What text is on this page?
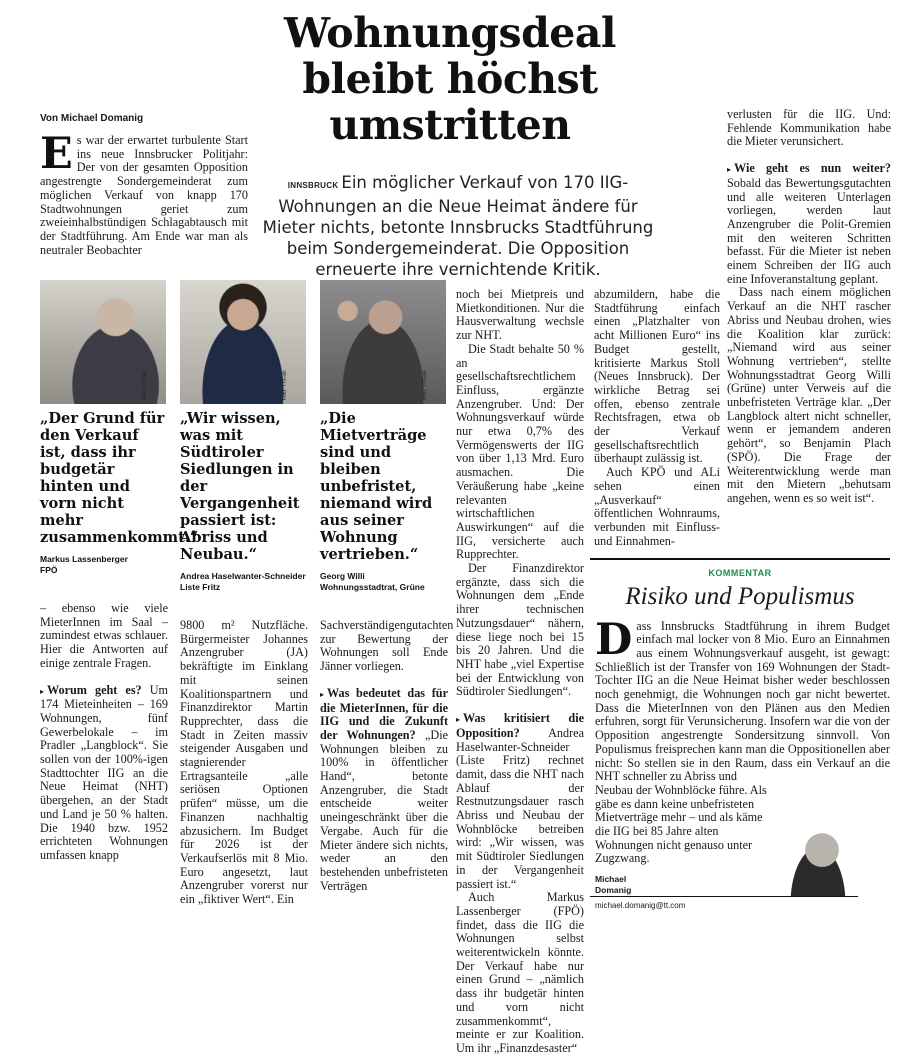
Wohnungsdeal
bleibt höchst
umstritten
Von Michael Domanig

Es war der erwartet turbulente Start ins neue Innsbrucker Politjahr: Der von der gesamten Opposition angestrengte Sondergemeinderat zum möglichen Verkauf von knapp 170 Stadtwohnungen geriet zum zweieinhalbstündigen Schlagabtausch mit der Stadtführung. Am Ende war man als neutraler Beobachter

INNSBRUCK Ein möglicher Verkauf von 170 IIG-Wohnungen an die Neue Heimat ändere für Mieter nichts, betonte Innsbrucks Stadtführung beim Sondergemeinderat. Die Opposition erneuerte ihre vernichtende Kritik.
Foto: TT/Falk
„Der Grund für den Verkauf ist, dass ihr budgetär hinten und vorn nicht mehr zusammenkommt.“
Markus Lassenberger
FPÖ

– ebenso wie viele MieterInnen im Saal – zumindest etwas schlauer. Hier die Antworten auf einige zentrale Fragen.

▸ Worum geht es? Um 174 Mieteinheiten – 169 Wohnungen, fünf Gewerbelokale – im Pradler „Langblock“. Sie sollen von der 100%-igen Stadttochter IIG an die Neue Heimat (NHT) übergehen, an der Stadt und Land je 50 % halten. Die 1940 bzw. 1952 errichteten Wohnungen umfassen knapp

Foto: TT/Falk
„Wir wissen, was mit Südtiroler Siedlungen in der Vergangenheit passiert ist: Abriss und Neubau.“
Andrea Haselwanter-Schneider
Liste Fritz

9800 m² Nutzfläche. Bürgermeister Johannes Anzengruber (JA) bekräftigte im Einklang mit seinen Koalitionspartnern und Finanzdirektor Martin Rupprechter, dass die Stadt in Zeiten massiv steigender Ausgaben und stagnierender Ertragsanteile „alle seriösen Optionen prüfen“ müsse, um die Finanzen nachhaltig abzusichern. Im Budget für 2026 ist der Verkaufserlös mit 8 Mio. Euro angesetzt, laut Anzengruber vorerst nur ein „fiktiver Wert“. Ein

Foto: TT/Falk
„Die Mietverträge sind und bleiben unbefristet, niemand wird aus seiner Wohnung vertrieben.“
Georg Willi
Wohnungsstadtrat, Grüne

Sachverständigengutachten zur Bewertung der Wohnungen soll Ende Jänner vorliegen.

▸ Was bedeutet das für die MieterInnen, für die IIG und die Zukunft der Wohnungen? „Die Wohnungen bleiben zu 100% in öffentlicher Hand“, betonte Anzengruber, die Stadt entscheide weiter uneingeschränkt über die Vergabe. Auch für die Mieter ändere sich nichts, weder an den bestehenden unbefristeten Verträgen

noch bei Mietpreis und Mietkonditionen. Nur die Hausverwaltung wechsle zur NHT.

Die Stadt behalte 50 % an gesellschaftsrechtlichem Einfluss, ergänzte Anzengruber. Und: Der Wohnungsverkauf würde nur etwa 0,7% des Vermögenswerts der IIG von über 1,13 Mrd. Euro ausmachen. Die Veräußerung habe „keine relevanten wirtschaftlichen Auswirkungen“ auf die IIG, versicherte auch Rupprechter.

Der Finanzdirektor ergänzte, dass sich die Wohnungen dem „Ende ihrer technischen Nutzungsdauer“ nähern, diese liege noch bei 15 bis 20 Jahren. Und die NHT habe „viel Expertise bei der Entwicklung von Südtiroler Siedlungen“.

▸ Was kritisiert die Opposition? Andrea Haselwanter-Schneider (Liste Fritz) rechnet damit, dass die NHT nach Ablauf der Restnutzungsdauer rasch Abriss und Neubau der Wohnblöcke betreiben wird: „Wir wissen, was mit Südtiroler Siedlungen in der Vergangenheit passiert ist.“

Auch Markus Lassenberger (FPÖ) findet, dass die IIG die Wohnungen selbst weiterentwickeln könnte. Der Verkauf habe nur einen Grund – „nämlich dass ihr budgetär hinten und vorn nicht zusammenkommt“, meinte er zur Koalition. Um ihr „Finanzdesaster“

abzumildern, habe die Stadtführung einfach einen „Platzhalter von acht Millionen Euro“ ins Budget gestellt, kritisierte Markus Stoll (Neues Innsbruck). Der wirkliche Betrag sei offen, ebenso zentrale Rechtsfragen, etwa ob der Verkauf gesellschaftsrechtlich überhaupt zulässig ist.

Auch KPÖ und ALi sehen einen „Ausverkauf“ öffentlichen Wohnraums, verbunden mit Einfluss- und Einnahmen-

verlusten für die IIG. Und: Fehlende Kommunikation habe die Mieter verunsichert.

▸ Wie geht es nun weiter? Sobald das Bewertungsgutachten und alle weiteren Unterlagen vorliegen, werden laut Anzengruber die Polit-Gremien mit den weiteren Schritten befasst. Für die Mieter ist neben einem Schreiben der IIG auch eine Infoveranstaltung geplant.

Dass nach einem möglichen Verkauf an die NHT rascher Abriss und Neubau drohen, wies die Koalition klar zurück: „Niemand wird aus seiner Wohnung vertrieben“, stellte Wohnungsstadtrat Georg Willi (Grüne) unter Verweis auf die unbefristeten Verträge klar. „Der Langblock altert nicht schneller, wenn er jemandem anderen gehört“, so Benjamin Plach (SPÖ). Die Frage der Weiterentwicklung werde man mit den Mietern „behutsam angehen, wenn es so weit ist“.

KOMMENTAR
Risiko und Populismus

Dass Innsbrucks Stadtführung in ihrem Budget einfach mal locker von 8 Mio. Euro an Einnahmen aus einem Wohnungsverkauf ausgeht, ist gewagt: Schließlich ist der Transfer von 169 Wohnungen der Stadt-Tochter IIG an die Neue Heimat bisher weder beschlossen noch genehmigt, die Wohnungen noch gar nicht bewertet. Dass die MieterInnen von den Plänen aus den Medien erfuhren, sorgt für Verunsicherung. Insofern war die von der Opposition angestrengte Sondersitzung sinnvoll. Von Populismus freisprechen kann man die Oppositionellen aber nicht: So stellen sie in den Raum, dass ein Verkauf an die NHT schneller zu Abriss und

Neubau der Wohnblöcke führe. Als gäbe es dann keine unbefristeten Mietverträge mehr – und als käme die IIG bei 85 Jahre alten Wohnungen nicht genauso unter Zugzwang.

Michael
Domanig
michael.domanig@tt.com
